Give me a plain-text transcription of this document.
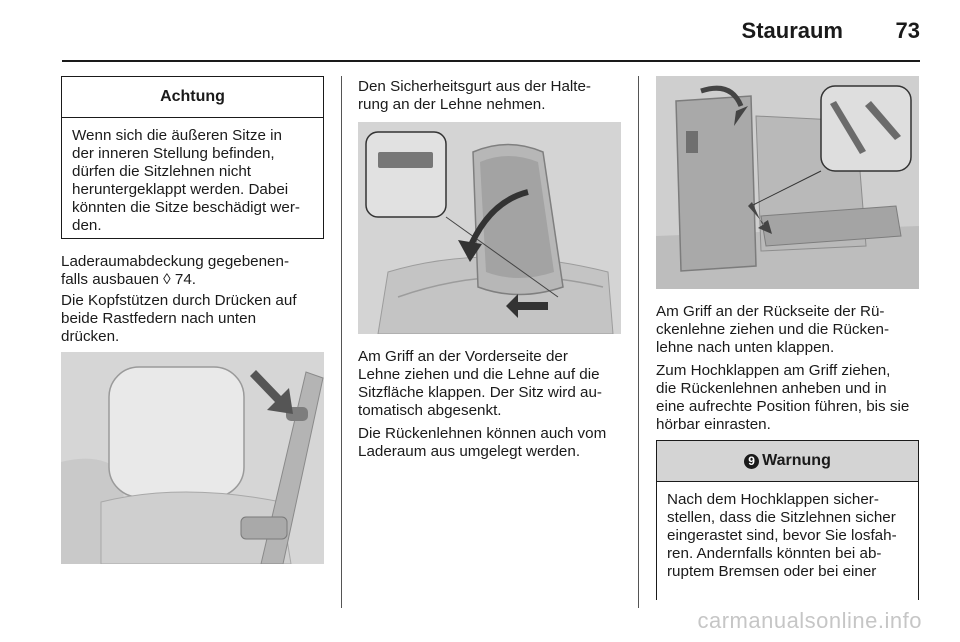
Stauraum 73
Achtung
Wenn sich die äußeren Sitze in
der inneren Stellung befinden,
dürfen die Sitzlehnen nicht
heruntergeklappt werden. Dabei
könnten die Sitze beschädigt wer-
den.
Laderaumabdeckung gegebenen-
falls ausbauen ◊ 74.
Die Kopfstützen durch Drücken auf
beide Rastfedern nach unten
drücken.
Den Sicherheitsgurt aus der Halte-
rung an der Lehne nehmen.
Am Griff an der Vorderseite der
Lehne ziehen und die Lehne auf die
Sitzfläche klappen. Der Sitz wird au-
tomatisch abgesenkt.
Die Rückenlehnen können auch vom
Laderaum aus umgelegt werden.
Am Griff an der Rückseite der Rü-
ckenlehne ziehen und die Rücken-
lehne nach unten klappen.
Zum Hochklappen am Griff ziehen,
die Rückenlehnen anheben und in
eine aufrechte Position führen, bis sie
hörbar einrasten.
9 Warnung
Nach dem Hochklappen sicher-
stellen, dass die Sitzlehnen sicher
eingerastet sind, bevor Sie losfah-
ren. Andernfalls könnten bei ab-
ruptem Bremsen oder bei einer
carmanualsonline.info
